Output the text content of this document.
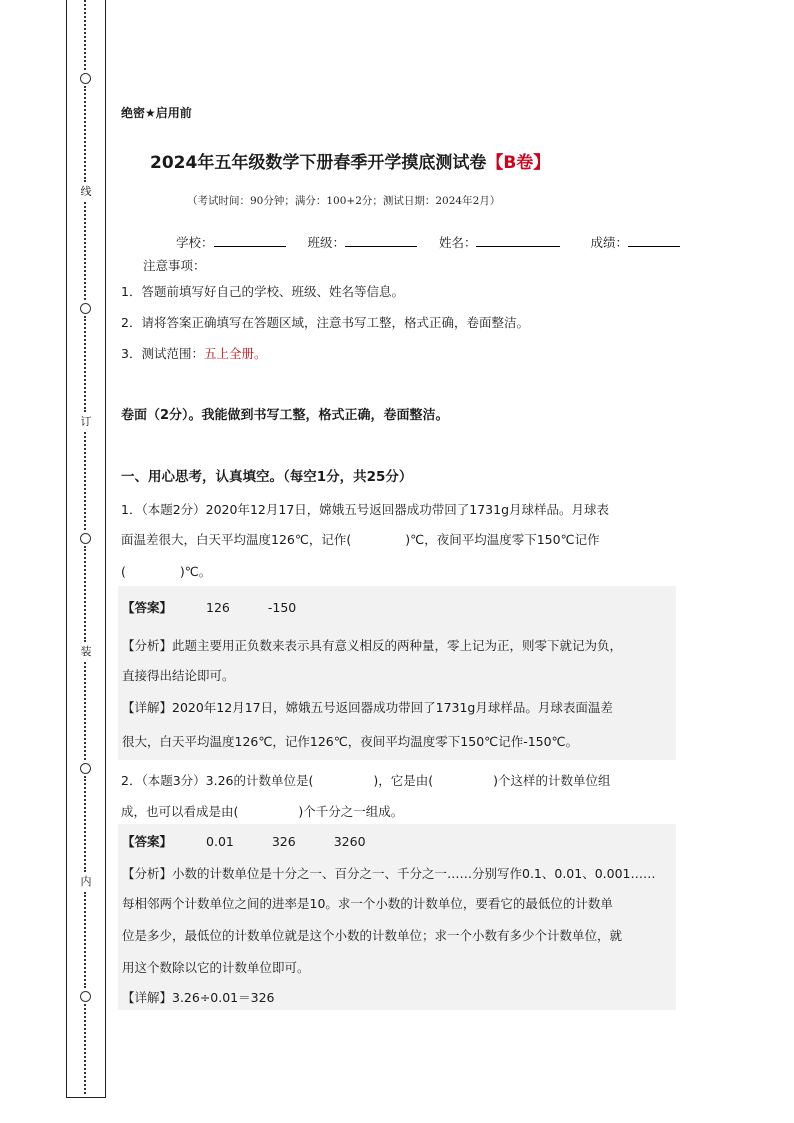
线
订
装
内
绝密★启用前
2024年五年级数学下册春季开学摸底测试卷【B卷】
（考试时间：90分钟；满分：100+2分；测试日期：2024年2月）
学校：	班级：	姓名：	成绩：
注意事项：
1．答题前填写好自己的学校、班级、姓名等信息。
2．请将答案正确填写在答题区域，注意书写工整，格式正确，卷面整洁。
3．测试范围：五上全册。
卷面（2分）。我能做到书写工整，格式正确，卷面整洁。
一、用心思考，认真填空。（每空1分，共25分）
1．（本题2分）2020年12月17日，嫦娥五号返回器成功带回了1731g月球样品。月球表
面温差很大，白天平均温度126℃，记作(	)℃，夜间平均温度零下150℃记作
(	)℃。
【答案】	126	-150
【分析】此题主要用正负数来表示具有意义相反的两种量，零上记为正，则零下就记为负，
直接得出结论即可。
【详解】2020年12月17日，嫦娥五号返回器成功带回了1731g月球样品。月球表面温差
很大，白天平均温度126℃，记作126℃，夜间平均温度零下150℃记作-150℃。
2．（本题3分）3.26的计数单位是(	)，它是由(	)个这样的计数单位组
成，也可以看成是由(	)个千分之一组成。
【答案】	0.01	326	3260
【分析】小数的计数单位是十分之一、百分之一、千分之一……分别写作0.1、0.01、0.001……
每相邻两个计数单位之间的进率是10。求一个小数的计数单位，要看它的最低位的计数单
位是多少，最低位的计数单位就是这个小数的计数单位；求一个小数有多少个计数单位，就
用这个数除以它的计数单位即可。
【详解】3.26÷0.01＝326
